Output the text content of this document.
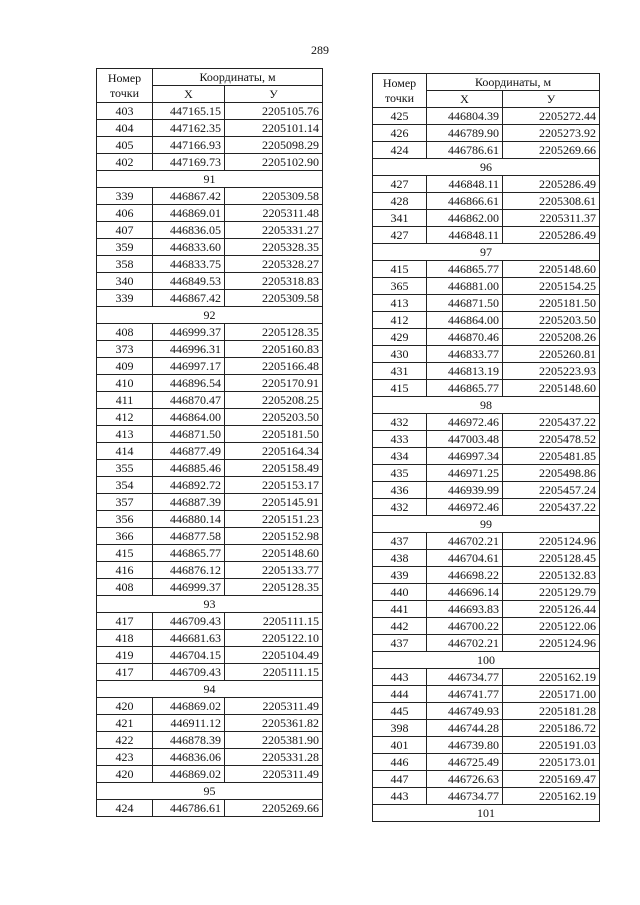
289
Номер
точки	Координаты, м	
	X	У
403	447165.15	2205105.76
404	447162.35	2205101.14
405	447166.93	2205098.29
402	447169.73	2205102.90
91		
339	446867.42	2205309.58
406	446869.01	2205311.48
407	446836.05	2205331.27
359	446833.60	2205328.35
358	446833.75	2205328.27
340	446849.53	2205318.83
339	446867.42	2205309.58
92		
408	446999.37	2205128.35
373	446996.31	2205160.83
409	446997.17	2205166.48
410	446896.54	2205170.91
411	446870.47	2205208.25
412	446864.00	2205203.50
413	446871.50	2205181.50
414	446877.49	2205164.34
355	446885.46	2205158.49
354	446892.72	2205153.17
357	446887.39	2205145.91
356	446880.14	2205151.23
366	446877.58	2205152.98
415	446865.77	2205148.60
416	446876.12	2205133.77
408	446999.37	2205128.35
93		
417	446709.43	2205111.15
418	446681.63	2205122.10
419	446704.15	2205104.49
417	446709.43	2205111.15
94		
420	446869.02	2205311.49
421	446911.12	2205361.82
422	446878.39	2205381.90
423	446836.06	2205331.28
420	446869.02	2205311.49
95		
424	446786.61	2205269.66
Номер
точки	Координаты, м	
	X	У
425	446804.39	2205272.44
426	446789.90	2205273.92
424	446786.61	2205269.66
96		
427	446848.11	2205286.49
428	446866.61	2205308.61
341	446862.00	2205311.37
427	446848.11	2205286.49
97		
415	446865.77	2205148.60
365	446881.00	2205154.25
413	446871.50	2205181.50
412	446864.00	2205203.50
429	446870.46	2205208.26
430	446833.77	2205260.81
431	446813.19	2205223.93
415	446865.77	2205148.60
98		
432	446972.46	2205437.22
433	447003.48	2205478.52
434	446997.34	2205481.85
435	446971.25	2205498.86
436	446939.99	2205457.24
432	446972.46	2205437.22
99		
437	446702.21	2205124.96
438	446704.61	2205128.45
439	446698.22	2205132.83
440	446696.14	2205129.79
441	446693.83	2205126.44
442	446700.22	2205122.06
437	446702.21	2205124.96
100		
443	446734.77	2205162.19
444	446741.77	2205171.00
445	446749.93	2205181.28
398	446744.28	2205186.72
401	446739.80	2205191.03
446	446725.49	2205173.01
447	446726.63	2205169.47
443	446734.77	2205162.19
101		
